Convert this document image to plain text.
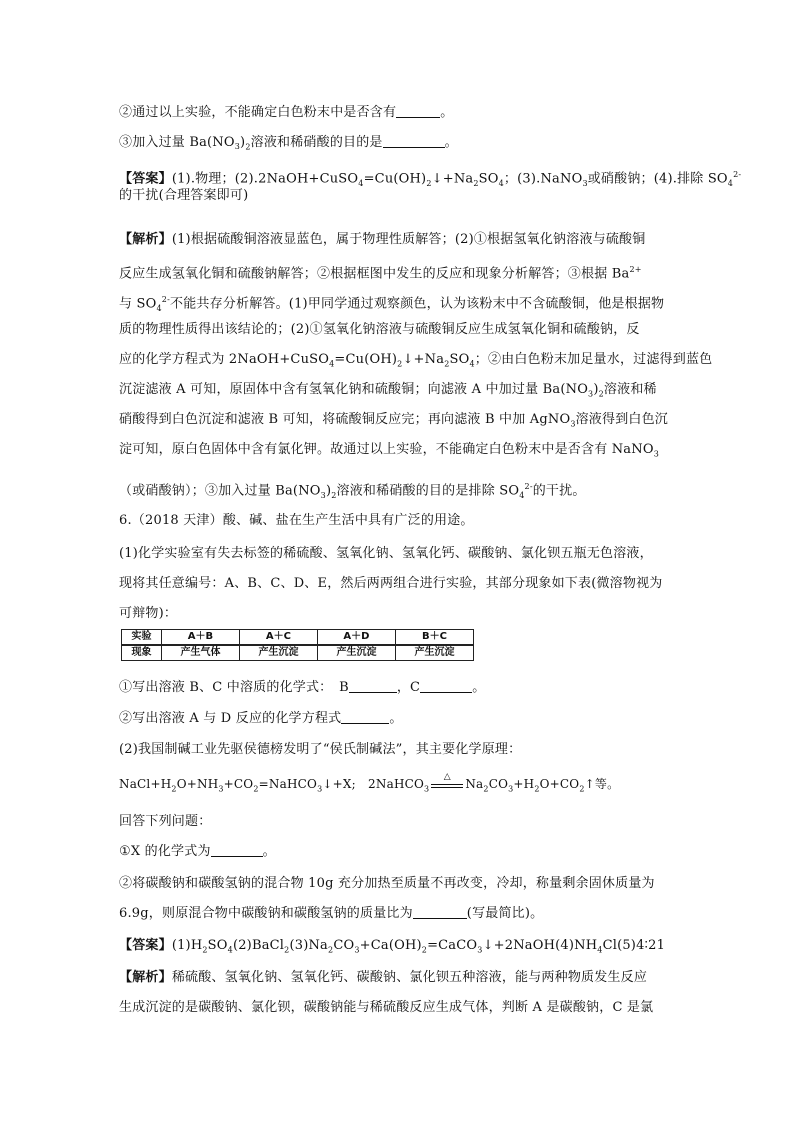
②通过以上实验，不能确定白色粉末中是否含有	。
③加入过量 $Ba(NO_3)_2$溶液和稀硝酸的目的是	。
【答案】(1).物理；$(2).2NaOH+CuSO_4=Cu(OH)_2↓+Na_2SO_4$；(3).NaNO$_3$或硝酸钠；(4).排除 $SO_4^{2-}$
的干扰(合理答案即可)
【解析】(1)根据硫酸铜溶液显蓝色，属于物理性质解答；(2)①根据氢氧化钠溶液与硫酸铜
反应生成氢氧化铜和硫酸钠解答；②根据框图中发生的反应和现象分析解答；③根据 $Ba^{2+}$
与 $SO_4^{2-}$不能共存分析解答。(1)甲同学通过观察颜色，认为该粉末中不含硫酸铜，他是根据物
质的物理性质得出该结论的；(2)①氢氧化钠溶液与硫酸铜反应生成氢氧化铜和硫酸钠，反
应的化学方程式为 $2NaOH+CuSO_4=Cu(OH)_2↓+Na_2SO_4$；②由白色粉末加足量水，过滤得到蓝色
沉淀滤液 A 可知，原固体中含有氢氧化钠和硫酸铜；向滤液 A 中加过量 $Ba(NO_3)_2$溶液和稀
硝酸得到白色沉淀和滤液 B 可知，将硫酸铜反应完；再向滤液 B 中加 AgNO$_3$溶液得到白色沉
淀可知，原白色固体中含有氯化钾。故通过以上实验，不能确定白色粉末中是否含有 NaNO$_3$
（或硝酸钠）；③加入过量 $Ba(NO_3)_2$溶液和稀硝酸的目的是排除 $SO_4^{2-}$的干扰。
6.（2018 天津）酸、碱、盐在生产生活中具有广泛的用途。
(1)化学实验室有失去标签的稀硫酸、氢氧化钠、氢氧化钙、碳酸钠、氯化钡五瓶无色溶液，
现将其任意编号：A、B、C、D、E，然后两两组合进行实验，其部分现象如下表(微溶物视为
可辩物)：
实验	A＋B	A＋C	A＋D	B＋C
现象	产生气体	产生沉淀	产生沉淀	产生沉淀
①写出溶液 B、C 中溶质的化学式：　B	，C	。
②写出溶液 A 与 D 反应的化学方程式	。
(2)我国制碱工业先驱侯德榜发明了“侯氏制碱法”，其主要化学原理：
$NaCl+H_2O+NH_3+CO_2=NaHCO_3↓+X$;　2NaHCO$_3$
△	$Na_2CO_3+H_2O+CO_2↑$等。
回答下列问题：
①X 的化学式为	。
②将碳酸钠和碳酸氢钠的混合物 10g 充分加热至质量不再改变，冷却，称量剩余固休质量为
6.9g，则原混合物中碳酸钠和碳酸氢钠的质量比为	(写最简比)。
【答案】$(1)H_2SO_4(2)BaCl_2(3)Na_2CO_3+Ca(OH)_2=CaCO_3↓+2NaOH(4)NH_4Cl(5)4∶21$
【解析】稀硫酸、氢氧化钠、氢氧化钙、碳酸钠、氯化钡五种溶液，能与两种物质发生反应
生成沉淀的是碳酸钠、氯化钡，碳酸钠能与稀硫酸反应生成气体，判断 A 是碳酸钠，C 是氯
